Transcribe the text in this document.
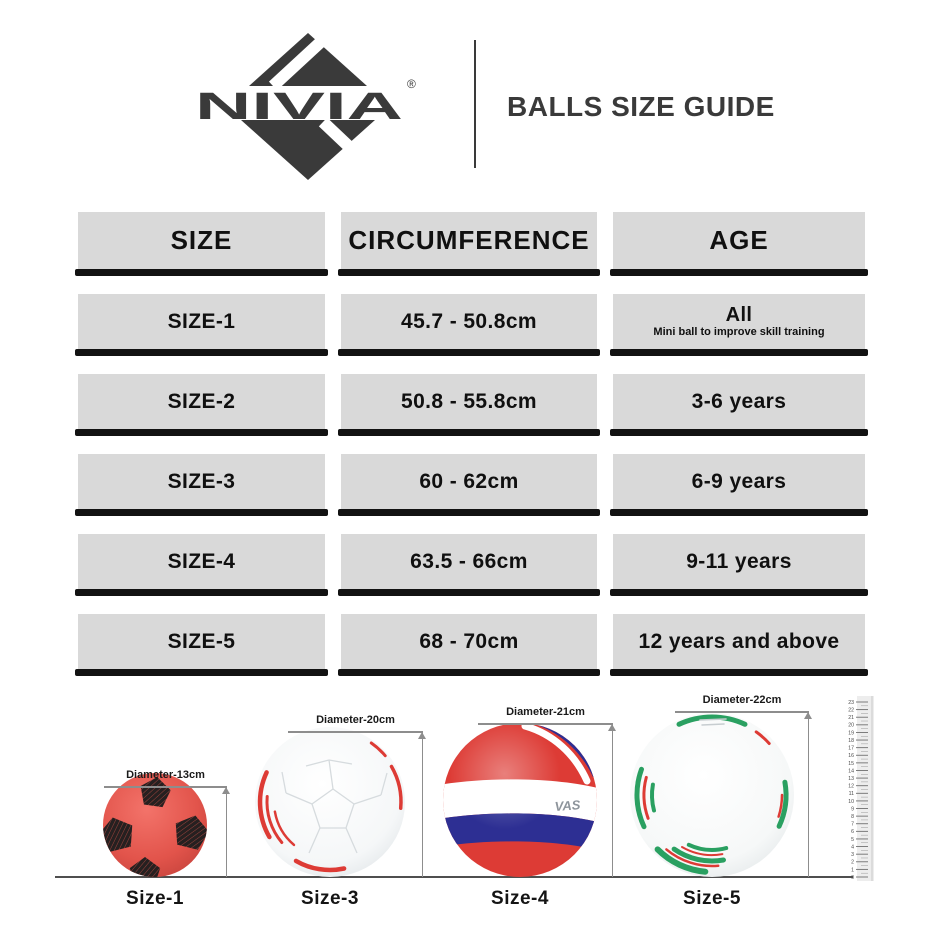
NIVIA
®
BALLS SIZE GUIDE
SIZE	CIRCUMFERENCE	AGE
SIZE-1	45.7 - 50.8cm	All
Mini ball to improve skill training
SIZE-2	50.8 - 55.8cm	3-6 years
SIZE-3	60 - 62cm	6-9 years
SIZE-4	63.5 - 66cm	9-11 years
SIZE-5	68 - 70cm	12 years and above
Diameter-13cm
Diameter-20cm
Diameter-21cm
Diameter-22cm
Size-1	Size-3	Size-4	Size-5
0
1
2
3
4
5
6
7
8
9
10
11
12
13
14
15
16
17
18
19
20
21
22
23
